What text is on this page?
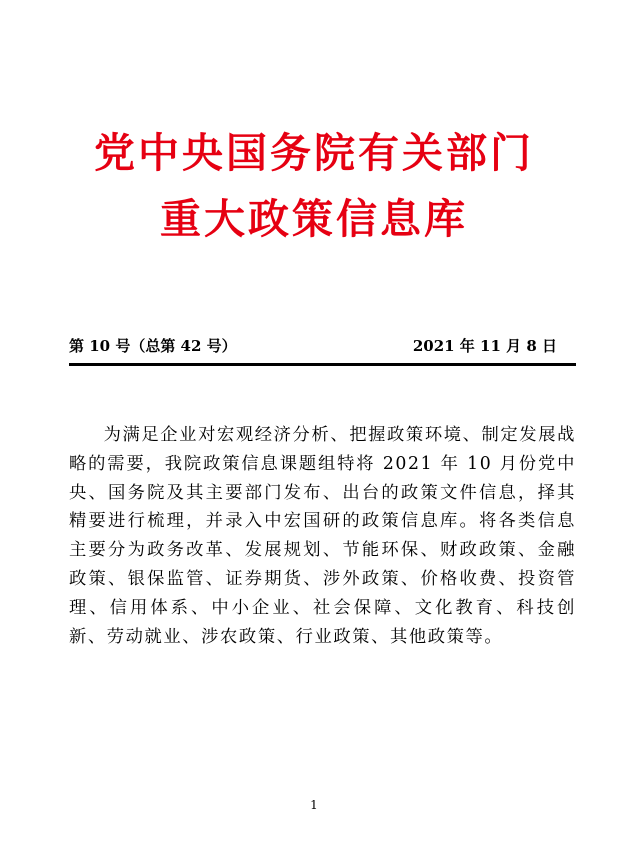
党中央国务院有关部门
重大政策信息库
第 10 号（总第 42 号）	2021 年 11 月 8 日

为满足企业对宏观经济分析、把握政策环境、制定发展战略的需要，我院政策信息课题组特将 2021 年 10 月份党中央、国务院及其主要部门发布、出台的政策文件信息，择其精要进行梳理，并录入中宏国研的政策信息库。将各类信息主要分为政务改革、发展规划、节能环保、财政政策、金融政策、银保监管、证券期货、涉外政策、价格收费、投资管理、信用体系、中小企业、社会保障、文化教育、科技创新、劳动就业、涉农政策、行业政策、其他政策等。

1
